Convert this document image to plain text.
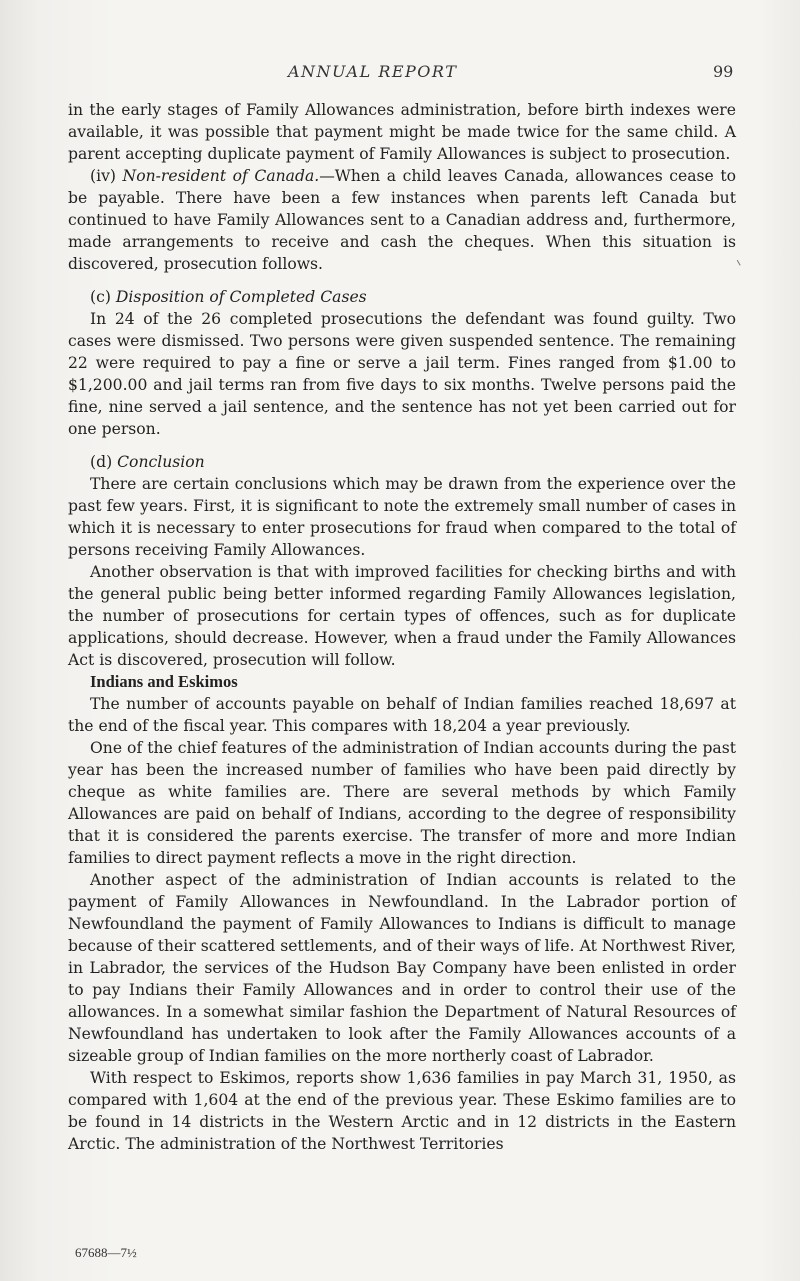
ANNUAL REPORT	99

in the early stages of Family Allowances administration, before birth indexes were available, it was possible that payment might be made twice for the same child. A parent accepting duplicate payment of Family Allowances is subject to prosecution.

(iv) Non-resident of Canada.—When a child leaves Canada, allowances cease to be payable. There have been a few instances when parents left Canada but continued to have Family Allowances sent to a Canadian address and, furthermore, made arrangements to receive and cash the cheques. When this situation is discovered, prosecution follows.

(c) Disposition of Completed Cases

In 24 of the 26 completed prosecutions the defendant was found guilty. Two cases were dismissed. Two persons were given suspended sentence. The remaining 22 were required to pay a fine or serve a jail term. Fines ranged from $1.00 to $1,200.00 and jail terms ran from five days to six months. Twelve persons paid the fine, nine served a jail sentence, and the sentence has not yet been carried out for one person.

(d) Conclusion

There are certain conclusions which may be drawn from the experience over the past few years. First, it is significant to note the extremely small number of cases in which it is necessary to enter prosecutions for fraud when compared to the total of persons receiving Family Allowances.

Another observation is that with improved facilities for checking births and with the general public being better informed regarding Family Allowances legislation, the number of prosecutions for certain types of offences, such as for duplicate applications, should decrease. However, when a fraud under the Family Allowances Act is discovered, prosecution will follow.

Indians and Eskimos

The number of accounts payable on behalf of Indian families reached 18,697 at the end of the fiscal year. This compares with 18,204 a year previously.

One of the chief features of the administration of Indian accounts during the past year has been the increased number of families who have been paid directly by cheque as white families are. There are several methods by which Family Allowances are paid on behalf of Indians, according to the degree of responsibility that it is considered the parents exercise. The transfer of more and more Indian families to direct payment reflects a move in the right direction.

Another aspect of the administration of Indian accounts is related to the payment of Family Allowances in Newfoundland. In the Labrador portion of Newfoundland the payment of Family Allowances to Indians is difficult to manage because of their scattered settlements, and of their ways of life. At Northwest River, in Labrador, the services of the Hudson Bay Company have been enlisted in order to pay Indians their Family Allowances and in order to control their use of the allowances. In a somewhat similar fashion the Department of Natural Resources of Newfoundland has undertaken to look after the Family Allowances accounts of a sizeable group of Indian families on the more northerly coast of Labrador.

With respect to Eskimos, reports show 1,636 families in pay March 31, 1950, as compared with 1,604 at the end of the previous year. These Eskimo families are to be found in 14 districts in the Western Arctic and in 12 districts in the Eastern Arctic. The administration of the Northwest Territories

67688—7½
